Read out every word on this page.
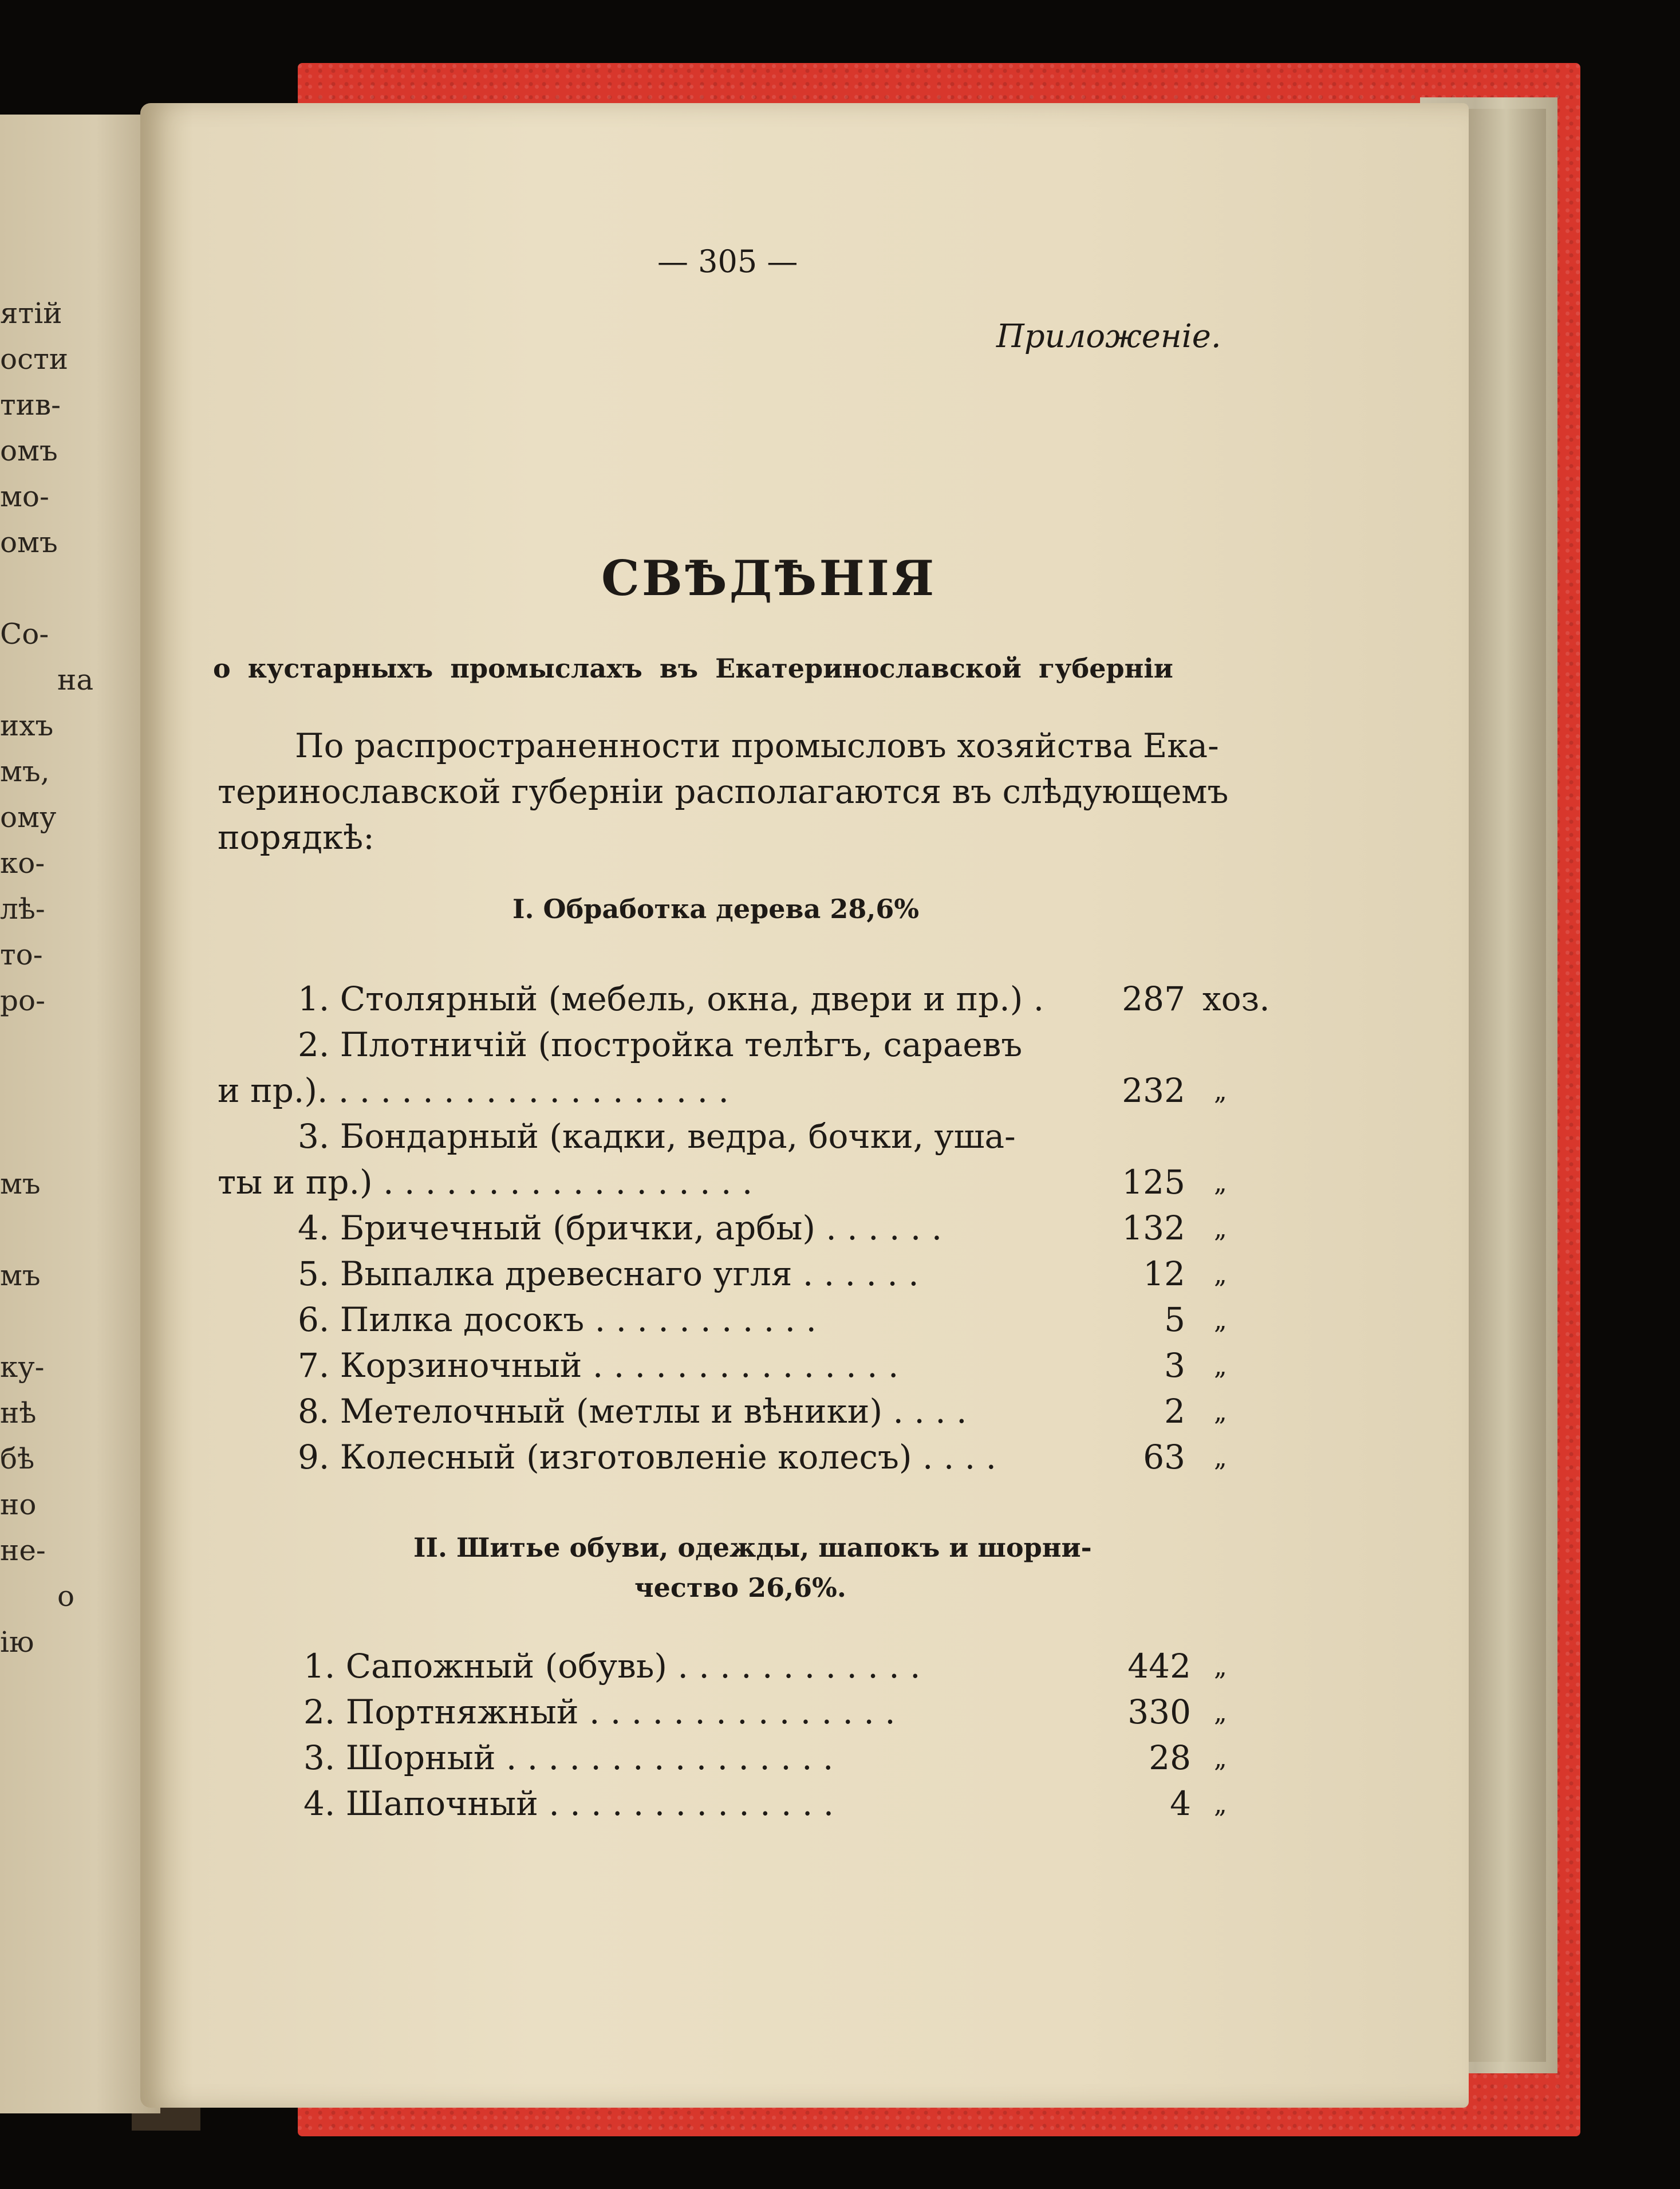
ятій
ости
тив-
омъ
мо-
омъ
Со-
на
ихъ
мъ,
ому
ко-
лѣ-
то-
ро-
мъ
мъ
ку-
нѣ
бѣ
но
не-
о
ію
— 305 —
Приложеніе.
СВѢДѢНІЯ
о кустарныхъ промыслахъ въ Екатеринославской губерніи
По распространенности промысловъ хозяйства Ека-
теринославской губерніи располагаются въ слѣдующемъ
порядкѣ:
I. Обработка дерева 28,6%
1. Столярный (мебель, окна, двери и пр.) .	287 хоз.
2. Плотничій (постройка телѣгъ, сараевъ
и пр.). . . . . . . . . . . . . . . . . . . .	232 „
3. Бондарный (кадки, ведра, бочки, уша-
ты и пр.) . . . . . . . . . . . . . . . . . .	125 „
4. Бричечный (брички, арбы) . . . . . .	132 „
5. Выпалка древеснаго угля . . . . . .	12 „
6. Пилка досокъ . . . . . . . . . . .	5 „
7. Корзиночный . . . . . . . . . . . . . . .	3 „
8. Метелочный (метлы и вѣники) . . . .	2 „
9. Колесный (изготовленіе колесъ) . . . .	63 „
II. Шитье обуви, одежды, шапокъ и шорни-
чество 26,6%.
1. Сапожный (обувь) . . . . . . . . . . . .	442 „
2. Портняжный . . . . . . . . . . . . . . .	330 „
3. Шорный . . . . . . . . . . . . . . . .	28 „
4. Шапочный . . . . . . . . . . . . . .	4 „
